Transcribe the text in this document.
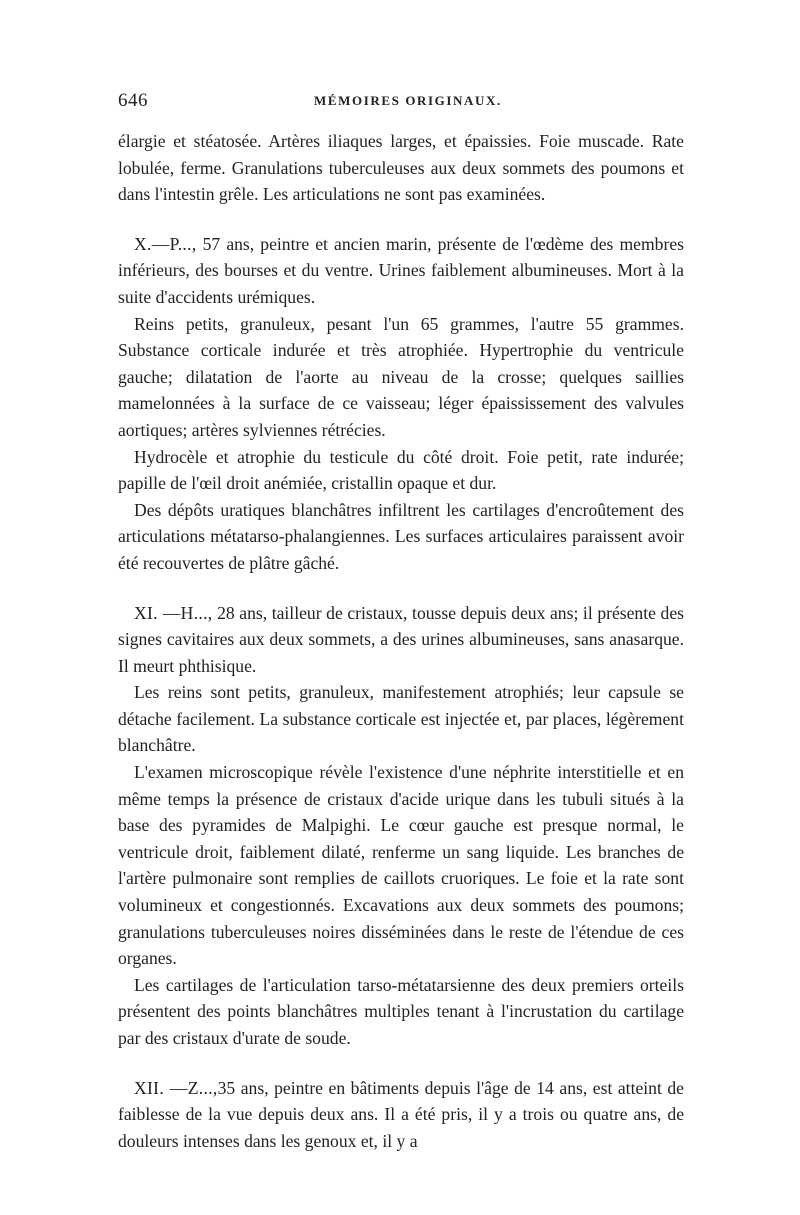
646	MÉMOIRES ORIGINAUX.

élargie et stéatosée. Artères iliaques larges, et épaissies. Foie muscade. Rate lobulée, ferme. Granulations tuberculeuses aux deux sommets des poumons et dans l'intestin grêle. Les articulations ne sont pas examinées.

X.—P..., 57 ans, peintre et ancien marin, présente de l'œdème des membres inférieurs, des bourses et du ventre. Urines faiblement albumineuses. Mort à la suite d'accidents urémiques.

Reins petits, granuleux, pesant l'un 65 grammes, l'autre 55 grammes. Substance corticale indurée et très atrophiée. Hypertrophie du ventricule gauche; dilatation de l'aorte au niveau de la crosse; quelques saillies mamelonnées à la surface de ce vaisseau; léger épaississement des valvules aortiques; artères sylviennes rétrécies.

Hydrocèle et atrophie du testicule du côté droit. Foie petit, rate indurée; papille de l'œil droit anémiée, cristallin opaque et dur.

Des dépôts uratiques blanchâtres infiltrent les cartilages d'encroûtement des articulations métatarso-phalangiennes. Les surfaces articulaires paraissent avoir été recouvertes de plâtre gâché.

XI. —H..., 28 ans, tailleur de cristaux, tousse depuis deux ans; il présente des signes cavitaires aux deux sommets, a des urines albumineuses, sans anasarque. Il meurt phthisique.

Les reins sont petits, granuleux, manifestement atrophiés; leur capsule se détache facilement. La substance corticale est injectée et, par places, légèrement blanchâtre.

L'examen microscopique révèle l'existence d'une néphrite interstitielle et en même temps la présence de cristaux d'acide urique dans les tubuli situés à la base des pyramides de Malpighi. Le cœur gauche est presque normal, le ventricule droit, faiblement dilaté, renferme un sang liquide. Les branches de l'artère pulmonaire sont remplies de caillots cruoriques. Le foie et la rate sont volumineux et congestionnés. Excavations aux deux sommets des poumons; granulations tuberculeuses noires disséminées dans le reste de l'étendue de ces organes.

Les cartilages de l'articulation tarso-métatarsienne des deux premiers orteils présentent des points blanchâtres multiples tenant à l'incrustation du cartilage par des cristaux d'urate de soude.

XII. —Z...,35 ans, peintre en bâtiments depuis l'âge de 14 ans, est atteint de faiblesse de la vue depuis deux ans. Il a été pris, il y a trois ou quatre ans, de douleurs intenses dans les genoux et, il y a
